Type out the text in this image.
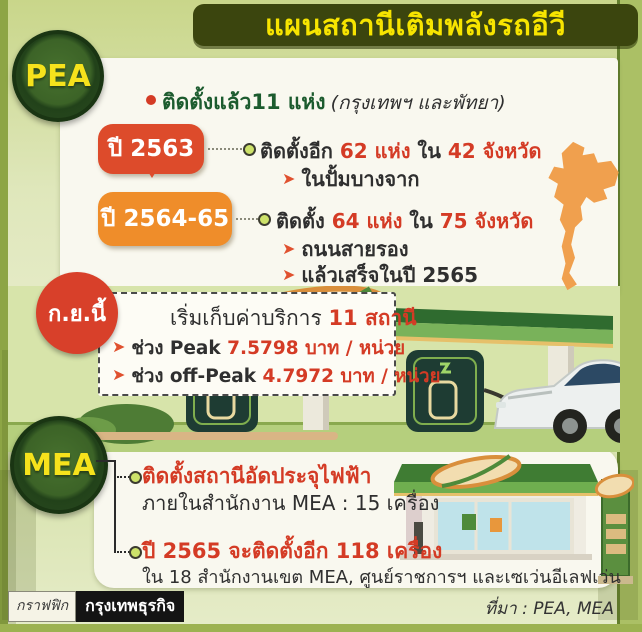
แผนสถานีเติมพลังรถอีวี
PEA
ติดตั้งแล้ว11 แห่ง (กรุงเทพฯ และพัทยา)
ปี 2563	ติดตั้งอีก 62 แห่ง ใน 42 จังหวัด
➤ ในปั้มบางจาก
ปี 2564-65 ติดตั้ง 64 แห่ง ใน 75 จังหวัด
➤ ถนนสายรอง
➤ แล้วเสร็จในปี 2565
เริ่มเก็บค่าบริการ 11 สถานี
➤ ช่วง Peak 7.5798 บาท / หน่วย
➤ ช่วง off-Peak 4.7972 บาท / หน่วย
ก.ย.นี้
MEA ติดตั้งสถานีอัดประจุไฟฟ้า
ภายในสำนักงาน MEA : 15 เครื่อง
ปี 2565 จะติดตั้งอีก 118 เครื่อง
ใน 18 สำนักงานเขต MEA, ศูนย์ราชการฯ และเซเว่นอีเลฟเว่น
กราฟฟิก	กรุงเทพธุรกิจ	ที่มา : PEA, MEA
